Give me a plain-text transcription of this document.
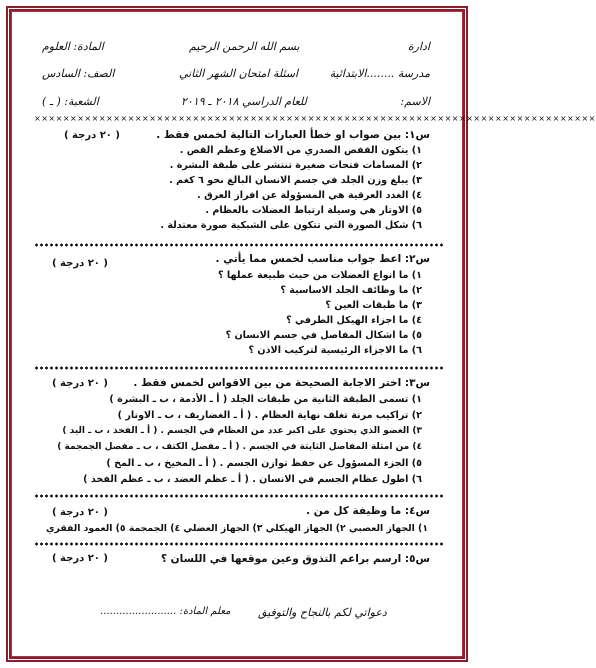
بسم الله الرحمن الرحيم	ادارة
المادة: العلوم
مدرسة ........الابتدائية
اسئلة امتحان الشهر الثاني
الصف: السادس
الاسم:
للعام الدراسي ٢٠١٨ ـ ٢٠١٩
الشعبة: ( ـ )
××××××××××××××××××××××××××××××××××××××××××××××××××××××××××××××××××××××××××××××
س١: بين صواب او خطأ العبارات التالية لخمس فقط .
( ٢٠ درجة )
١) يتكون القفص الصدري من الاضلاع وعظم القص .
٢) المسامات فتحات صغيرة تنتشر على طبقة البشرة .
٣) يبلغ وزن الجلد في جسم الانسان البالغ نحو ٦ كغم .
٤) الغدد العرقية هي المسؤولة عن افراز العرق .
٥) الاوتار هي وسيلة ارتباط العضلات بالعظام .
٦) شكل الصورة التي تتكون على الشبكية صورة معتدلة .
س٢: اعط جواب مناسب لخمس مما يأتي .
( ٢٠ درجة )
١) ما انواع العضلات من حيث طبيعة عملها ؟
٢) ما وظائف الجلد الاساسية ؟
٣) ما طبقات العين ؟
٤) ما اجزاء الهيكل الطرفي ؟
٥) ما اشكال المفاصل في جسم الانسان ؟
٦) ما الاجزاء الرئيسية لتركيب الاذن ؟
س٣: اختر الاجابة الصحيحة من بين الاقواس لخمس فقط .
( ٢٠ درجة )
١) تسمى الطبقة الثانية من طبقات الجلد ( أ ـ الأدمة ، ب ـ البشرة )
٢) تراكيب مرنة تغلف نهاية العظام . ( أ ـ الغضاريف ، ب ـ الاوتار )
٣) العضو الذي يحتوي على اكبر عدد من العظام في الجسم . ( أ ـ الفخذ ، ب ـ اليد )
٤) من امثلة المفاصل الثابتة في الجسم . ( أ ـ مفصل الكتف ، ب ـ مفصل الجمجمة )
٥) الجزء المسؤول عن حفظ توازن الجسم . ( أ ـ المخيخ ، ب ـ المخ )
٦) اطول عظام الجسم في الانسان . ( أ ـ عظم العضد ، ب ـ عظم الفخذ )
س٤: ما وظيفة كل من .
( ٢٠ درجة )
١) الجهاز العصبي ٢) الجهاز الهيكلي ٣) الجهاز العضلي ٤) الجمجمة ٥) العمود الفقري
س٥: ارسم براعم التذوق وعين موقعها في اللسان ؟
( ٢٠ درجة )
دعواتي لكم بالنجاح والتوفيق
معلم المادة: ........................
